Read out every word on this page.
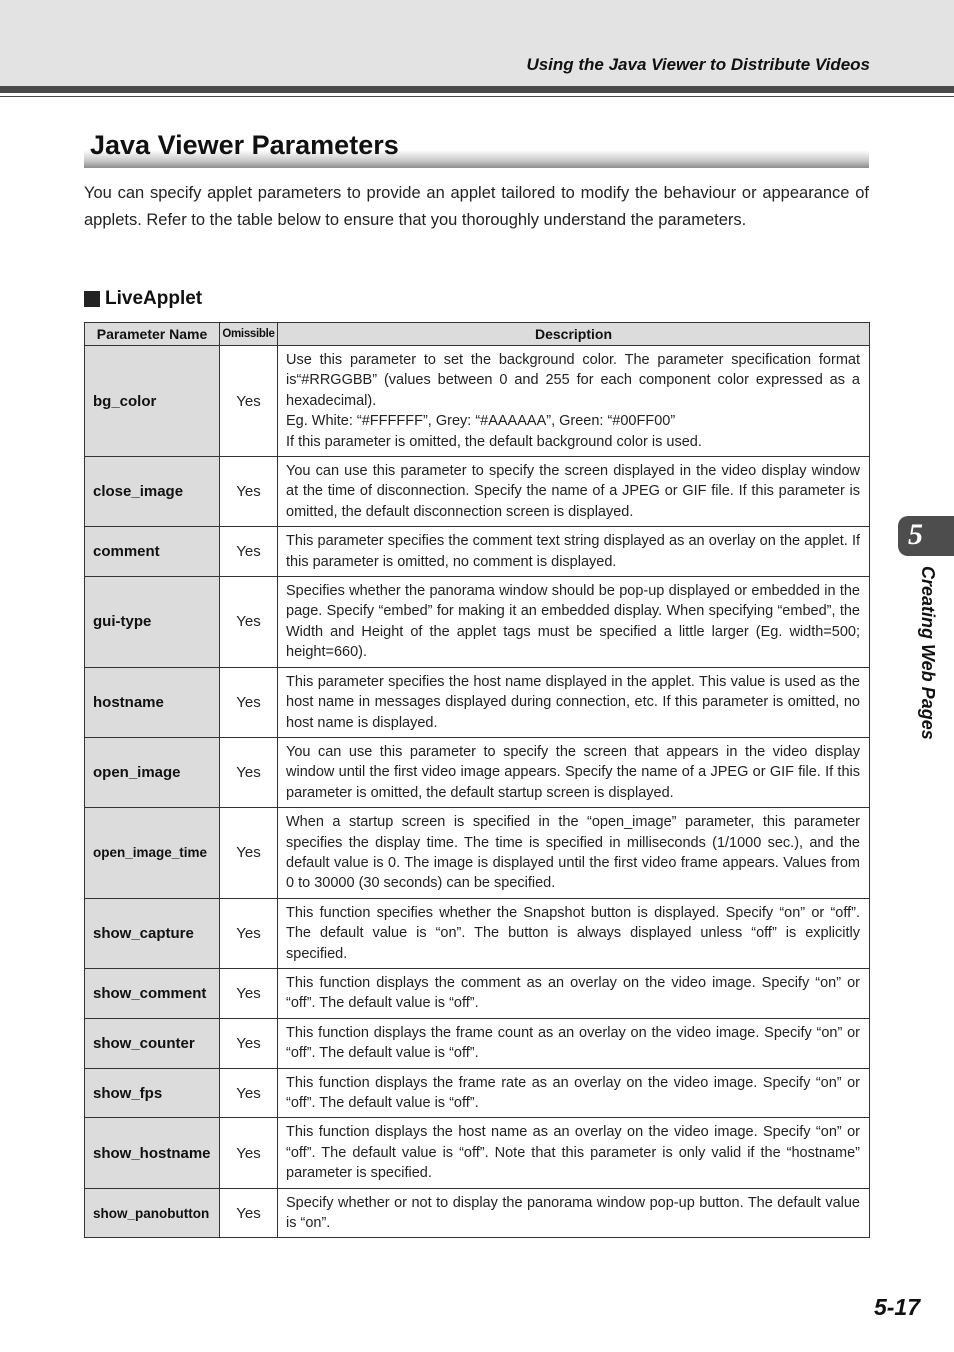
Using the Java Viewer to Distribute Videos
Java Viewer Parameters

You can specify applet parameters to provide an applet tailored to modify the behaviour or appearance of applets. Refer to the table below to ensure that you thoroughly understand the parameters.

LiveApplet
Parameter Name	Omissible	Description
bg_color	Yes	Use this parameter to set the background color. The parameter specification format is“#RRGGBB” (values between 0 and 255 for each component color expressed as a hexadecimal).
Eg. White: “#FFFFFF”, Grey: “#AAAAAA”, Green: “#00FF00”
If this parameter is omitted, the default background color is used.

close_image	Yes	You can use this parameter to specify the screen displayed in the video display window at the time of disconnection. Specify the name of a JPEG or GIF file. If this parameter is omitted, the default disconnection screen is displayed.

comment	Yes	This parameter specifies the comment text string displayed as an overlay on the applet. If this parameter is omitted, no comment is displayed.

gui-type	Yes	Specifies whether the panorama window should be pop-up displayed or embedded in the page. Specify “embed” for making it an embedded display. When specifying “embed”, the Width and Height of the applet tags must be specified a little larger (Eg. width=500; height=660).

hostname	Yes	This parameter specifies the host name displayed in the applet. This value is used as the host name in messages displayed during connection, etc. If this parameter is omitted, no host name is displayed.

open_image	Yes	You can use this parameter to specify the screen that appears in the video display window until the first video image appears. Specify the name of a JPEG or GIF file. If this parameter is omitted, the default startup screen is displayed.

open_image_time	Yes	When a startup screen is specified in the “open_image” parameter, this parameter specifies the display time. The time is specified in milliseconds (1/1000 sec.), and the default value is 0. The image is displayed until the first video frame appears. Values from 0 to 30000 (30 seconds) can be specified.

show_capture	Yes	This function specifies whether the Snapshot button is displayed. Specify “on” or “off”. The default value is “on”. The button is always displayed unless “off” is explicitly specified.

show_comment	Yes	This function displays the comment as an overlay on the video image. Specify “on” or “off”. The default value is “off”.

show_counter	Yes	This function displays the frame count as an overlay on the video image. Specify “on” or “off”. The default value is “off”.

show_fps	Yes	This function displays the frame rate as an overlay on the video image. Specify “on” or “off”. The default value is “off”.

show_hostname	Yes	This function displays the host name as an overlay on the video image. Specify “on” or “off”. The default value is “off”. Note that this parameter is only valid if the “hostname” parameter is specified.

show_panobutton	Yes	Specify whether or not to display the panorama window pop-up button. The default value is “on”.
5
Creating Web Pages
5-17
